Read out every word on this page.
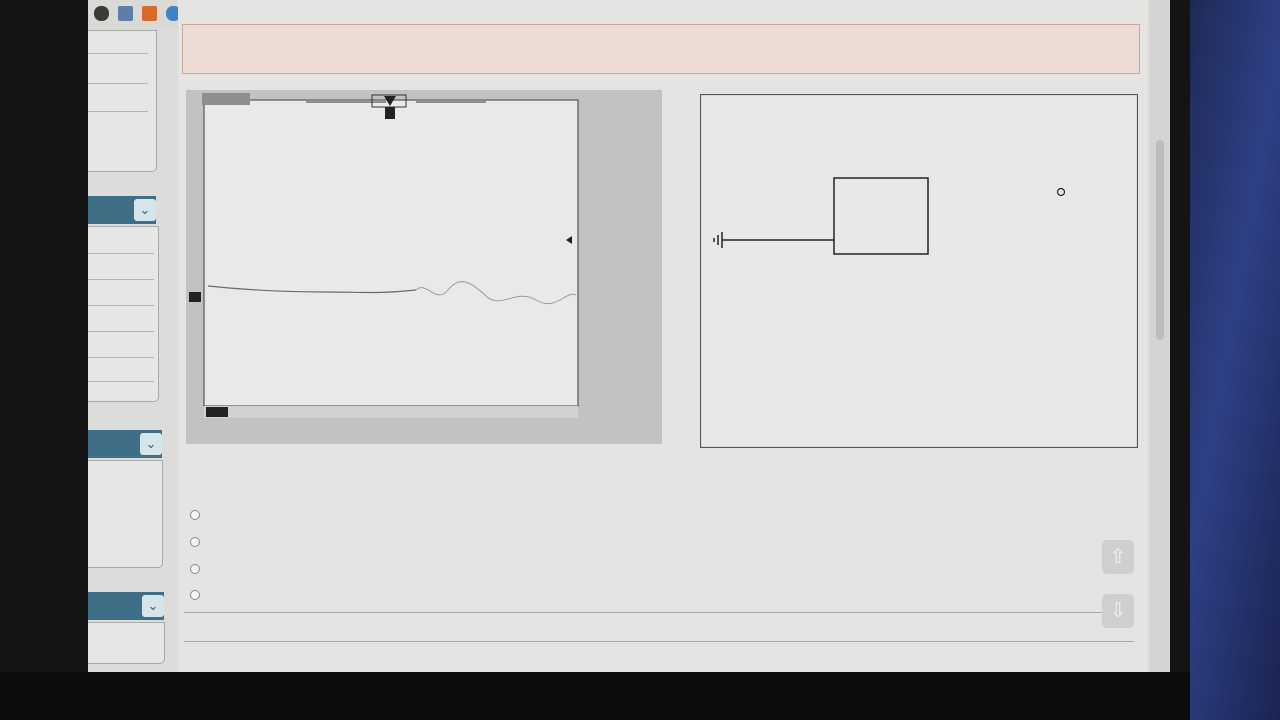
⌄
⌄
⌄
⇧
⇩
